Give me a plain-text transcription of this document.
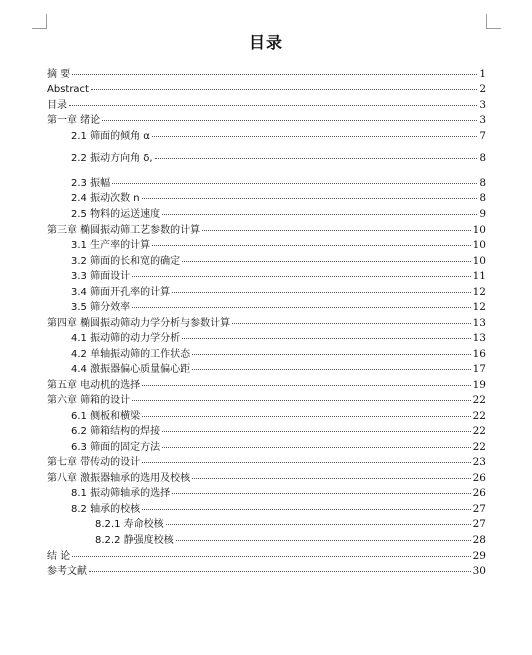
目录
摘 要	1
Abstract	2
目录	3
第一章 绪论	3
2.1 筛面的倾角 α	7
2.2 振动方向角 δ,	8
2.3 振幅	8
2.4 振动次数 n	8
2.5 物料的运送速度	9
第三章 椭圆振动筛工艺参数的计算	10
3.1 生产率的计算	10
3.2 筛面的长和宽的确定	10
3.3 筛面设计	11
3.4 筛面开孔率的计算	12
3.5 筛分效率	12
第四章 椭圆振动筛动力学分析与参数计算	13
4.1 振动筛的动力学分析	13
4.2 单轴振动筛的工作状态	16
4.4 激振器偏心质量偏心距	17
第五章 电动机的选择	19
第六章 筛箱的设计	22
6.1 侧板和横梁	22
6.2 筛箱结构的焊接	22
6.3 筛面的固定方法	22
第七章 带传动的设计	23
第八章 激振器轴承的选用及校核	26
8.1 振动筛轴承的选择	26
8.2 轴承的校核	27
8.2.1 寿命校核	27
8.2.2 静强度校核	28
结 论	29
参考文献	30
